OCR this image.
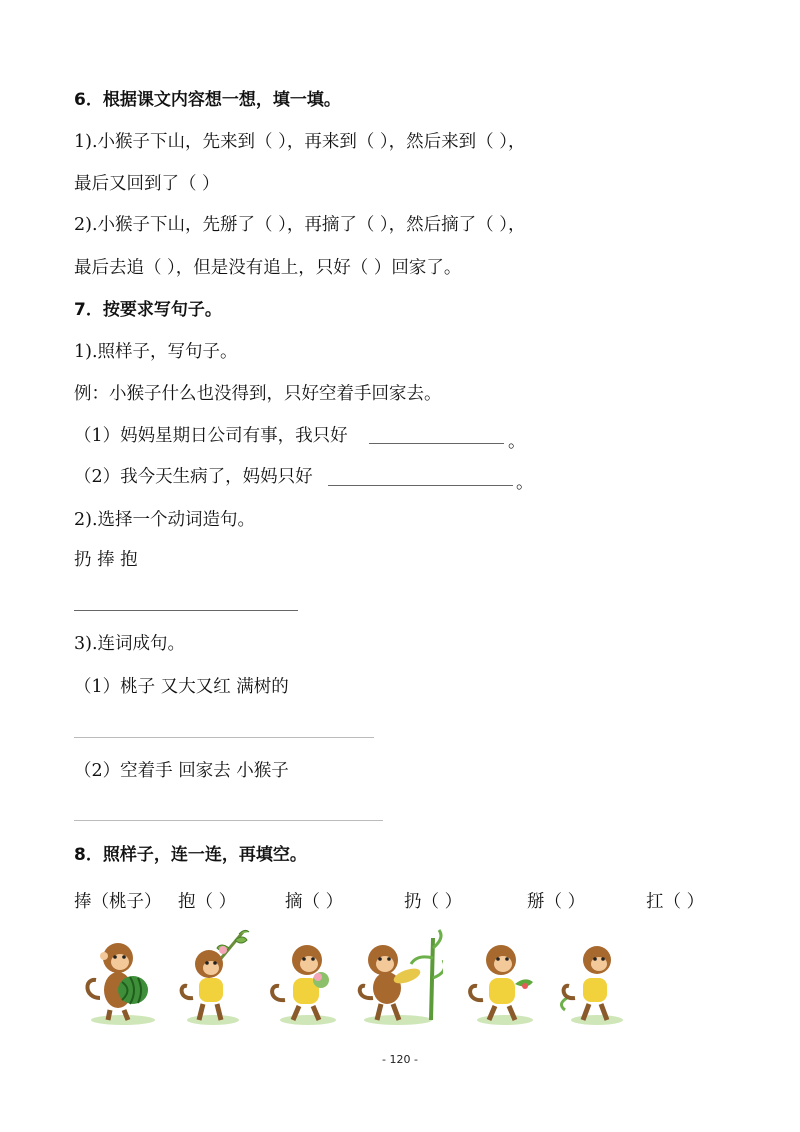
6．根据课文内容想一想，填一填。
1).小猴子下山，先来到（ ），再来到（ ），然后来到（ ），
最后又回到了（ ）
2).小猴子下山，先掰了（ ），再摘了（ ），然后摘了（ ），
最后去追（ ），但是没有追上，只好（ ）回家了。
7．按要求写句子。
1).照样子，写句子。
例：小猴子什么也没得到，只好空着手回家去。
（1）妈妈星期日公司有事，我只好	。
（2）我今天生病了，妈妈只好	。
2).选择一个动词造句。
扔 捧 抱
3).连词成句。
（1）桃子 又大又红 满树的
（2）空着手 回家去 小猴子
8．照样子，连一连，再填空。
捧（桃子） 抱（ ）	摘（ ）	扔（ ）	掰（ ）	扛（ ）
- 120 -
